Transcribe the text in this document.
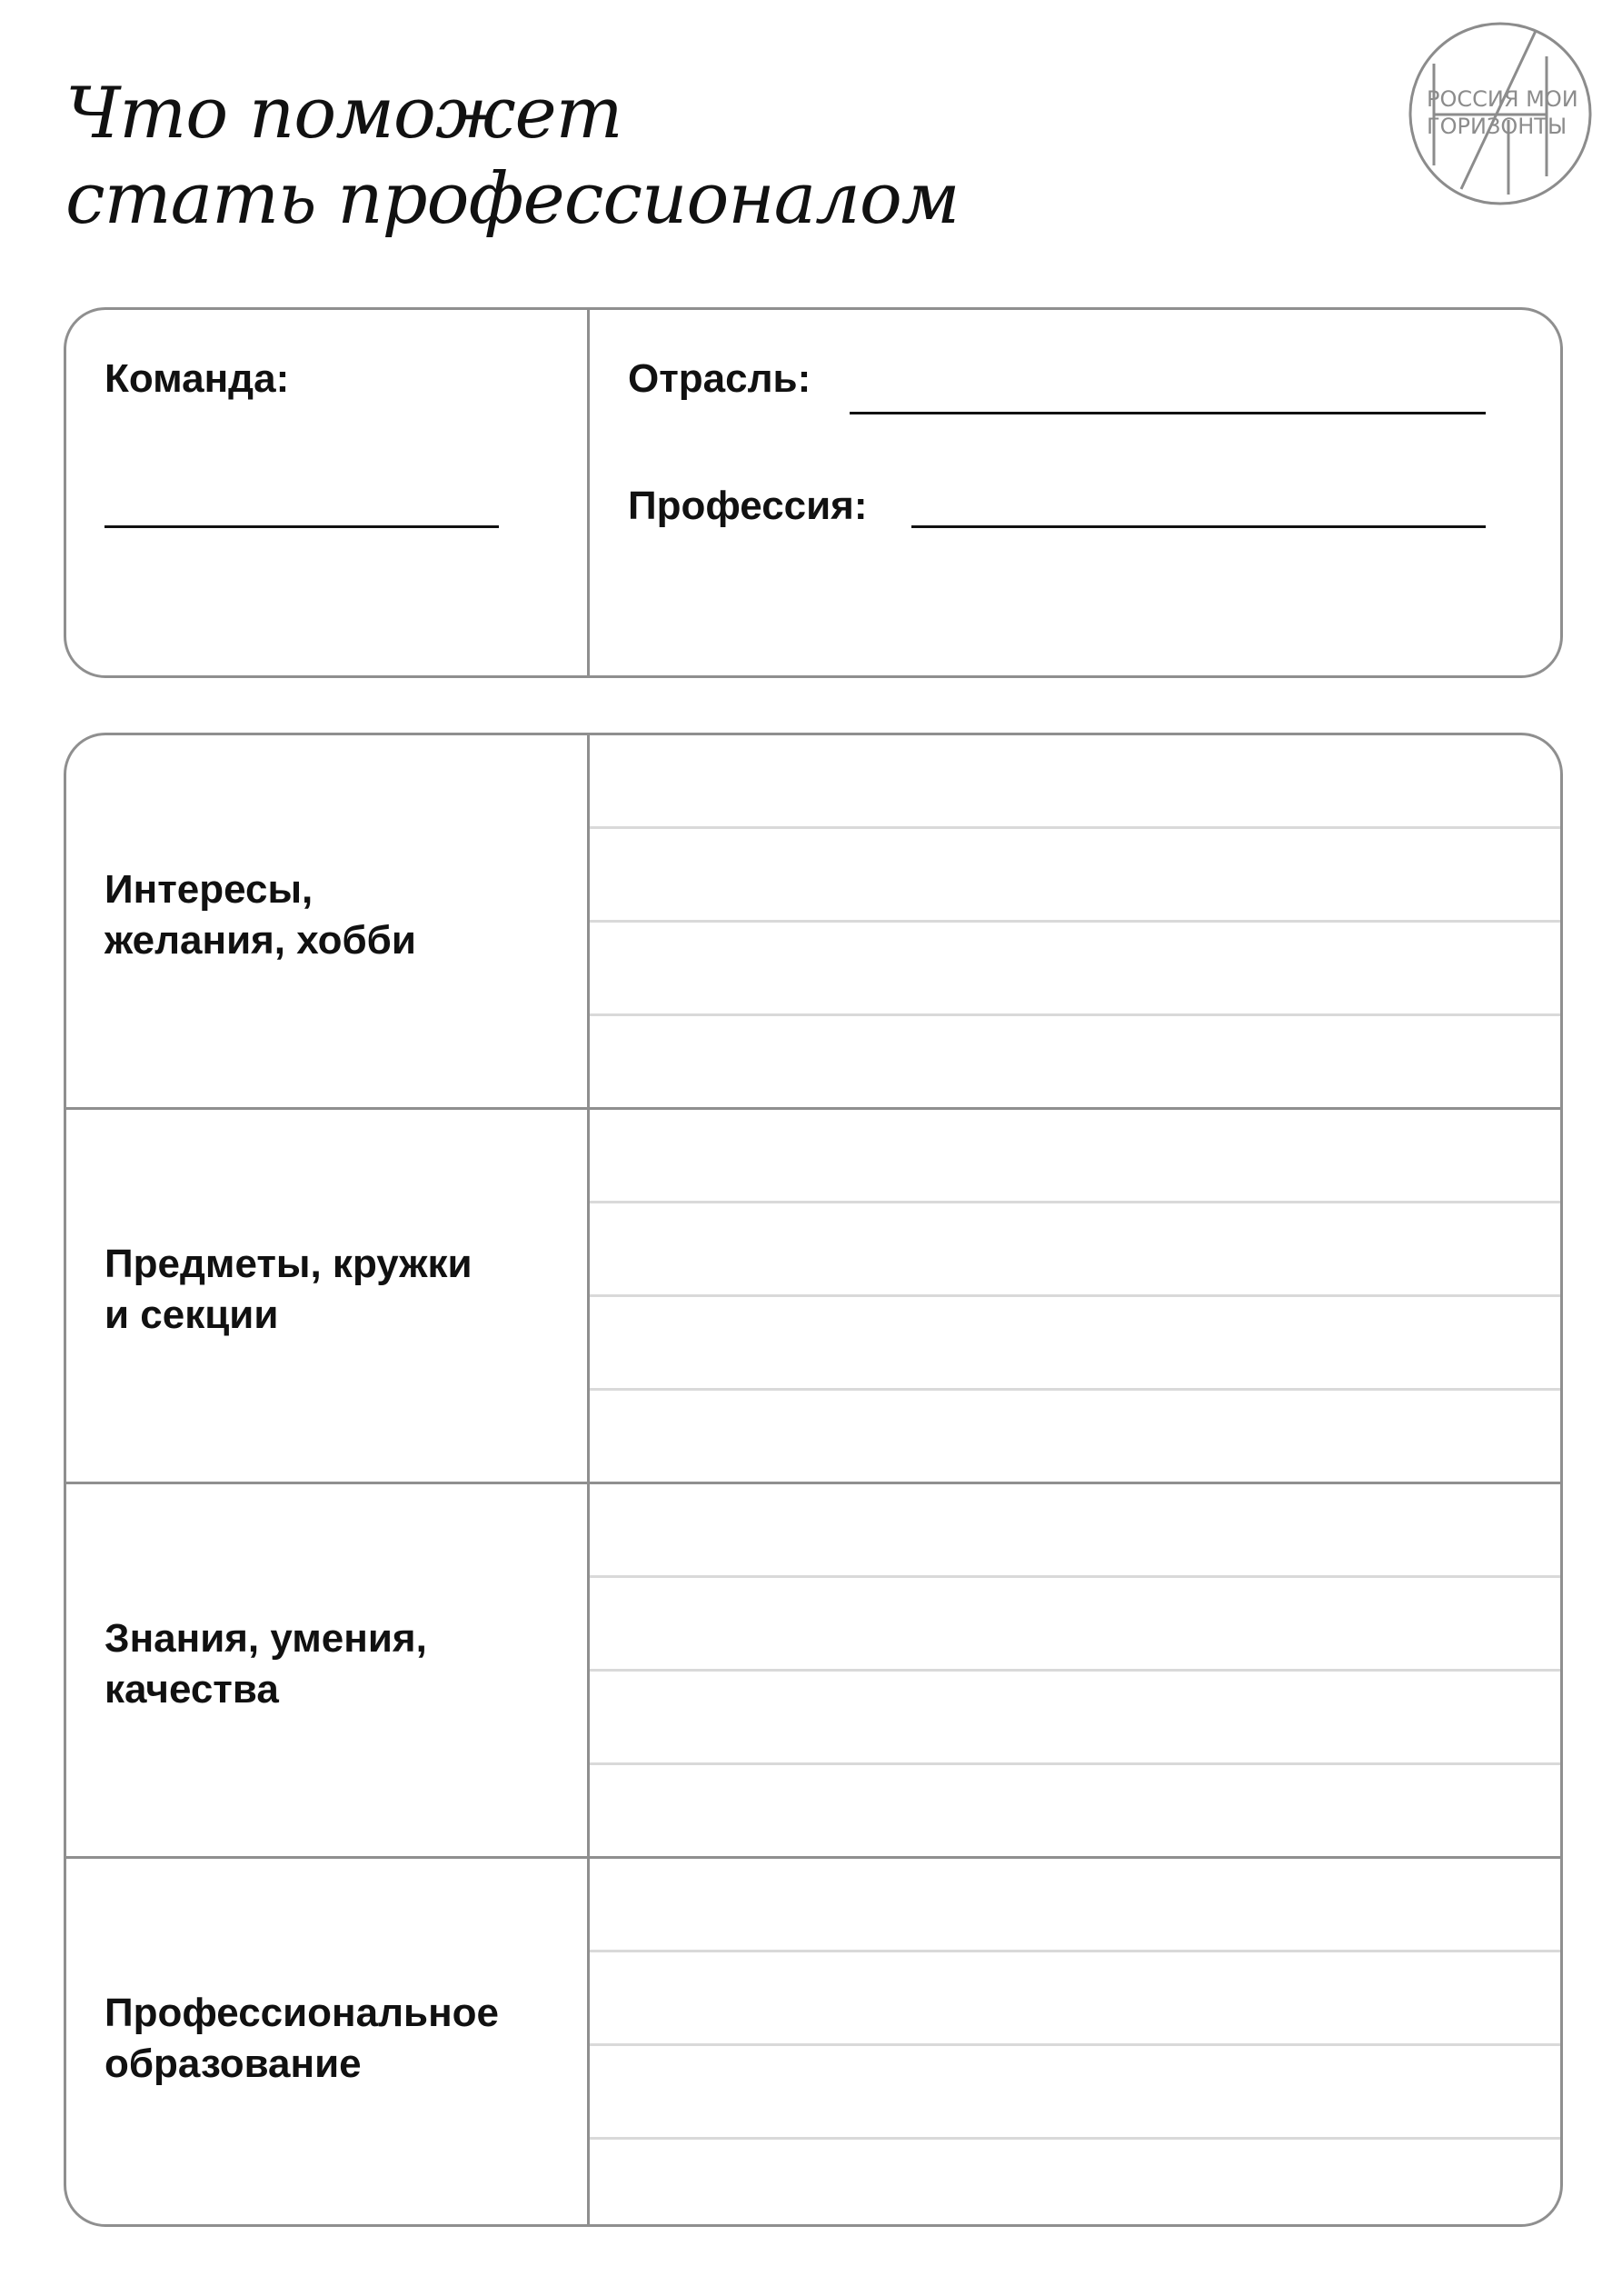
Что поможет
стать профессионалом
РОССИЯ МОИ
ГОРИЗОНТЫ
Команда:	Отрасль:
Профессия:
Интересы,
желания, хобби
Предметы, кружки
и секции
Знания, умения,
качества
Профессиональное
образование
